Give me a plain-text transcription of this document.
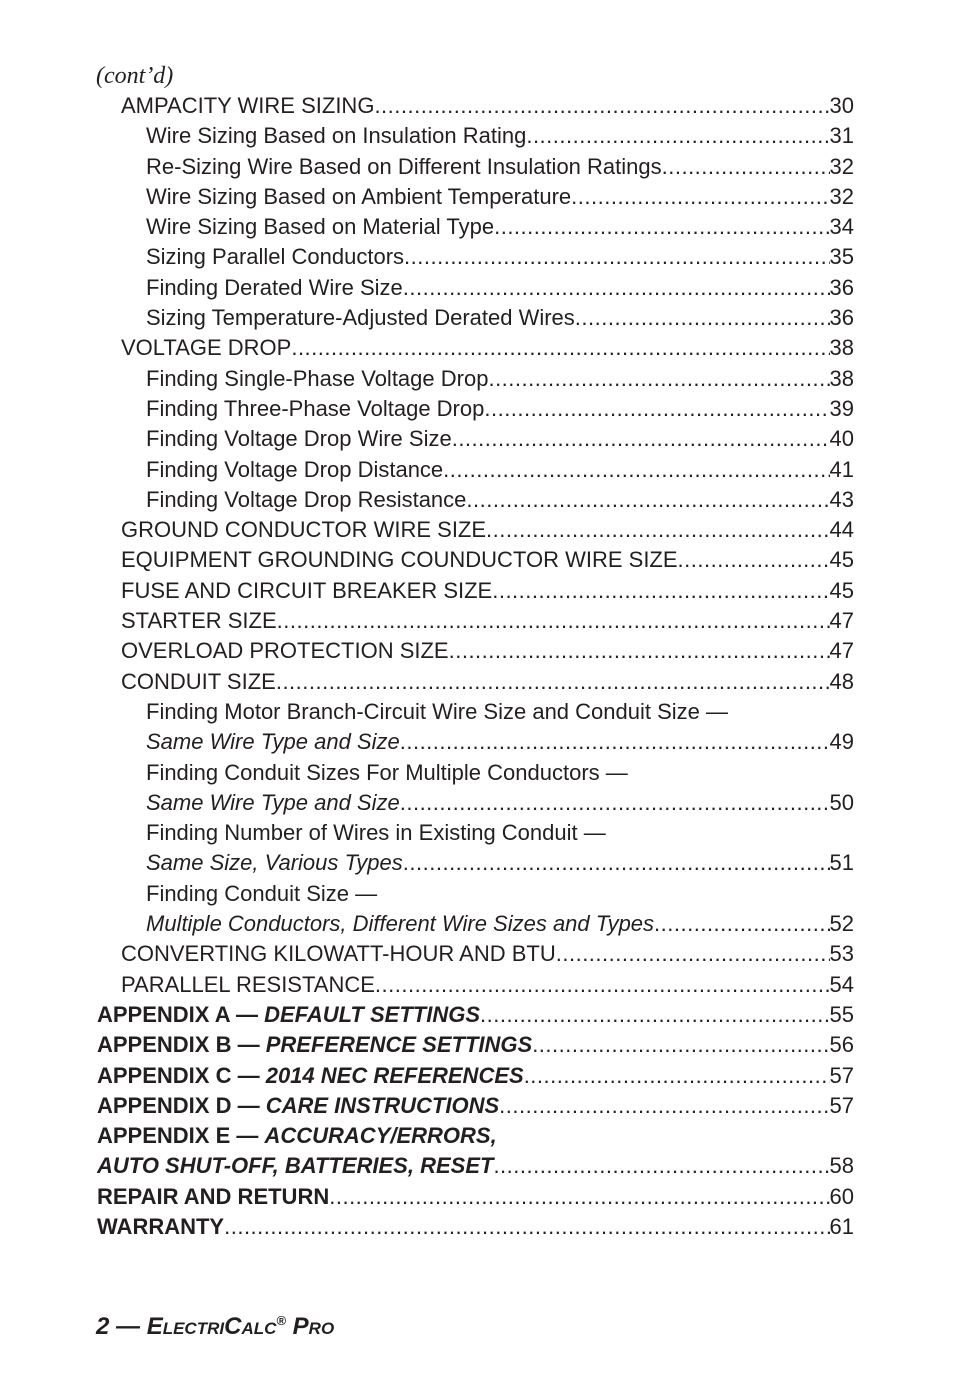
(cont’d)
AMPACITY WIRE SIZING .....	30
Wire Sizing Based on Insulation Rating .....	31
Re-Sizing Wire Based on Different Insulation Ratings .....	32
Wire Sizing Based on Ambient Temperature .....	32
Wire Sizing Based on Material Type .....	34
Sizing Parallel Conductors .....	35
Finding Derated Wire Size .....	36
Sizing Temperature-Adjusted Derated Wires .....	36
VOLTAGE DROP .....	38
Finding Single-Phase Voltage Drop .....	38
Finding Three-Phase Voltage Drop .....	39
Finding Voltage Drop Wire Size .....	40
Finding Voltage Drop Distance .....	41
Finding Voltage Drop Resistance .....	43
GROUND CONDUCTOR WIRE SIZE .....	44
EQUIPMENT GROUNDING COUNDUCTOR WIRE SIZE .....	45
FUSE AND CIRCUIT BREAKER SIZE .....	45
STARTER SIZE .....	47
OVERLOAD PROTECTION SIZE .....	47
CONDUIT SIZE .....	48
Finding Motor Branch-Circuit Wire Size and Conduit Size —
Same Wire Type and Size .....	49
Finding Conduit Sizes For Multiple Conductors —
Same Wire Type and Size .....	50
Finding Number of Wires in Existing Conduit —
Same Size, Various Types .....	51
Finding Conduit Size —
Multiple Conductors, Different Wire Sizes and Types .....	52
CONVERTING KILOWATT-HOUR AND BTU .....	53
PARALLEL RESISTANCE .....	54
APPENDIX A — DEFAULT SETTINGS .....	55
APPENDIX B — PREFERENCE SETTINGS .....	56
APPENDIX C — 2014 NEC REFERENCES .....	57
APPENDIX D — CARE INSTRUCTIONS .....	57
APPENDIX E — ACCURACY/ERRORS,
AUTO SHUT-OFF, BATTERIES, RESET .....	58
REPAIR AND RETURN .....	60
WARRANTY .....	61
2 — ELECTRICALC® PRO
